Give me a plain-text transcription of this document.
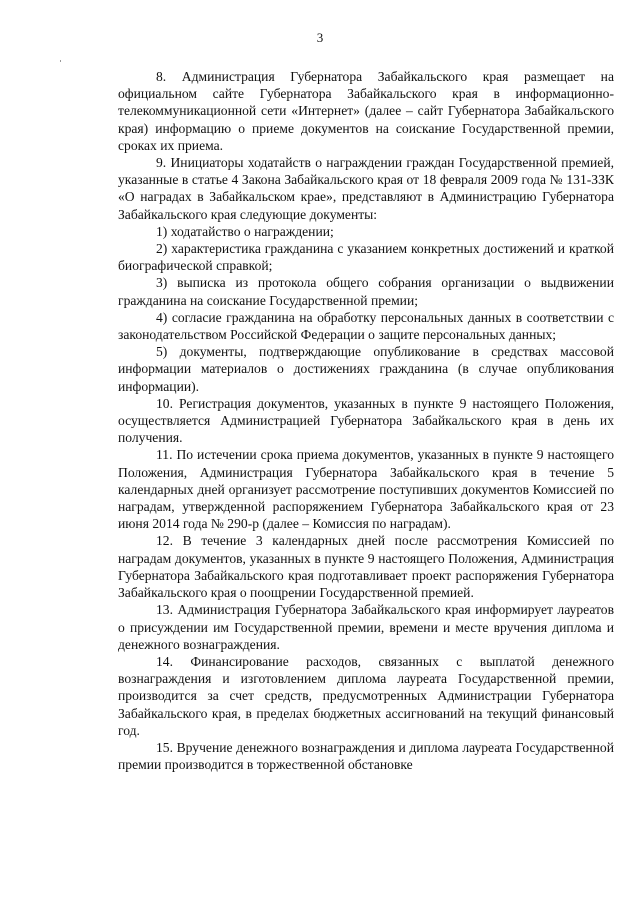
3

8. Администрация Губернатора Забайкальского края размещает на официальном сайте Губернатора Забайкальского края в информационно-телекоммуникационной сети «Интернет» (далее – сайт Губернатора Забайкальского края) информацию о приеме документов на соискание Государственной премии, сроках их приема.

9. Инициаторы ходатайств о награждении граждан Государственной премией, указанные в статье 4 Закона Забайкальского края от 18 февраля 2009 года № 131-ЗЗК «О наградах в Забайкальском крае», представляют в Администрацию Губернатора Забайкальского края следующие документы:

1) ходатайство о награждении;

2) характеристика гражданина с указанием конкретных достижений и краткой биографической справкой;

3) выписка из протокола общего собрания организации о выдвижении гражданина на соискание Государственной премии;

4) согласие гражданина на обработку персональных данных в соответствии с законодательством Российской Федерации о защите персональных данных;

5) документы, подтверждающие опубликование в средствах массовой информации материалов о достижениях гражданина (в случае опубликования информации).

10. Регистрация документов, указанных в пункте 9 настоящего Положения, осуществляется Администрацией Губернатора Забайкальского края в день их получения.

11. По истечении срока приема документов, указанных в пункте 9 настоящего Положения, Администрация Губернатора Забайкальского края в течение 5 календарных дней организует рассмотрение поступивших документов Комиссией по наградам, утвержденной распоряжением Губернатора Забайкальского края от 23 июня 2014 года № 290-р (далее – Комиссия по наградам).

12. В течение 3 календарных дней после рассмотрения Комиссией по наградам документов, указанных в пункте 9 настоящего Положения, Администрация Губернатора Забайкальского края подготавливает проект распоряжения Губернатора Забайкальского края о поощрении Государственной премией.

13. Администрация Губернатора Забайкальского края информирует лауреатов о присуждении им Государственной премии, времени и месте вручения диплома и денежного вознаграждения.

14. Финансирование расходов, связанных с выплатой денежного вознаграждения и изготовлением диплома лауреата Государственной премии, производится за счет средств, предусмотренных Администрации Губернатора Забайкальского края, в пределах бюджетных ассигнований на текущий финансовый год.

15. Вручение денежного вознаграждения и диплома лауреата Государственной премии производится в торжественной обстановке
